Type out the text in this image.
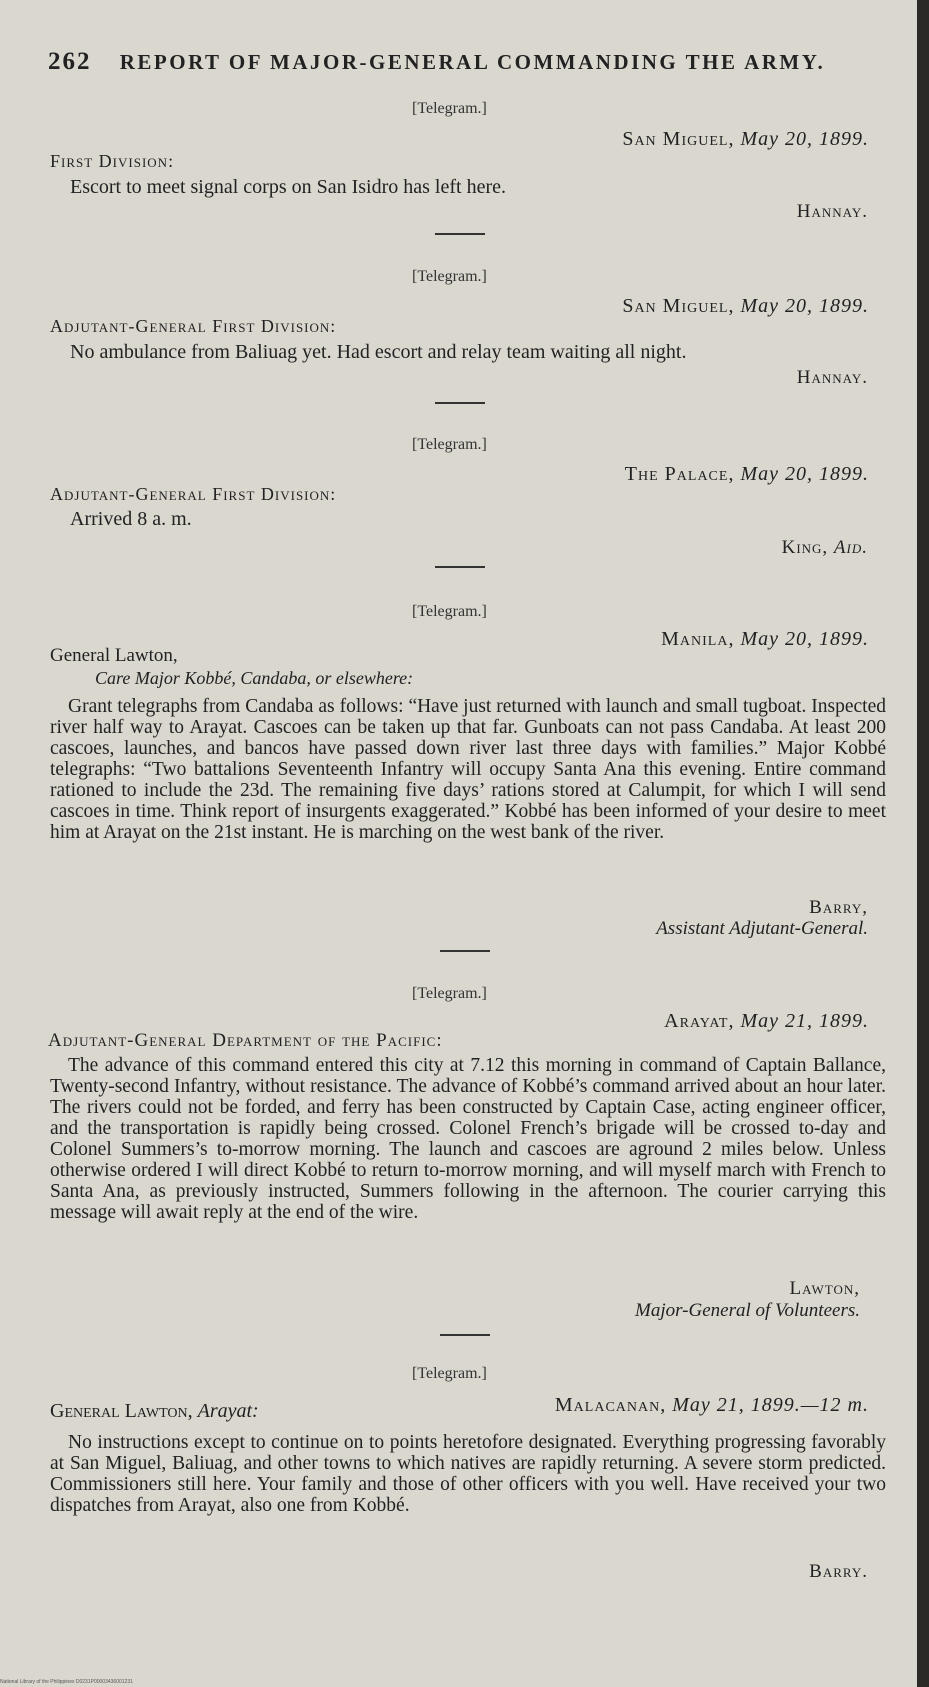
262 REPORT OF MAJOR-GENERAL COMMANDING THE ARMY.
[Telegram.]
San Miguel, May 20, 1899.
First Division:
Escort to meet signal corps on San Isidro has left here.
Hannay.
[Telegram.]
San Miguel, May 20, 1899.
Adjutant-General First Division:
No ambulance from Baliuag yet. Had escort and relay team waiting all night.
Hannay.
[Telegram.]
The Palace, May 20, 1899.
Adjutant-General First Division:
Arrived 8 a. m.
King, Aid.
[Telegram.]
Manila, May 20, 1899.
General Lawton,
Care Major Kobbé, Candaba, or elsewhere:
Grant telegraphs from Candaba as follows: “Have just returned with launch and small tugboat. Inspected river half way to Arayat. Cascoes can be taken up that far. Gunboats can not pass Candaba. At least 200 cascoes, launches, and bancos have passed down river last three days with families.” Major Kobbé telegraphs: “Two battalions Seventeenth Infantry will occupy Santa Ana this evening. Entire command rationed to include the 23d. The remaining five days’ rations stored at Calumpit, for which I will send cascoes in time. Think report of insurgents exaggerated.” Kobbé has been informed of your desire to meet him at Arayat on the 21st instant. He is marching on the west bank of the river.
Barry,
Assistant Adjutant-General.
[Telegram.]
Arayat, May 21, 1899.
Adjutant-General Department of the Pacific:
The advance of this command entered this city at 7.12 this morning in command of Captain Ballance, Twenty-second Infantry, without resistance. The advance of Kobbé’s command arrived about an hour later. The rivers could not be forded, and ferry has been constructed by Captain Case, acting engineer officer, and the transportation is rapidly being crossed. Colonel French’s brigade will be crossed to-day and Colonel Summers’s to-morrow morning. The launch and cascoes are aground 2 miles below. Unless otherwise ordered I will direct Kobbé to return to-morrow morning, and will myself march with French to Santa Ana, as previously instructed, Summers following in the afternoon. The courier carrying this message will await reply at the end of the wire.
Lawton,
Major-General of Volunteers.
[Telegram.]
General Lawton, Arayat:	Malacanan, May 21, 1899.—12 m.
No instructions except to continue on to points heretofore designated. Everything progressing favorably at San Miguel, Baliuag, and other towns to which natives are rapidly returning. A severe storm predicted. Commissioners still here. Your family and those of other officers with you well. Have received your two dispatches from Arayat, also one from Kobbé.
Barry.
National Library of the Philippines D0231P00003436001231
